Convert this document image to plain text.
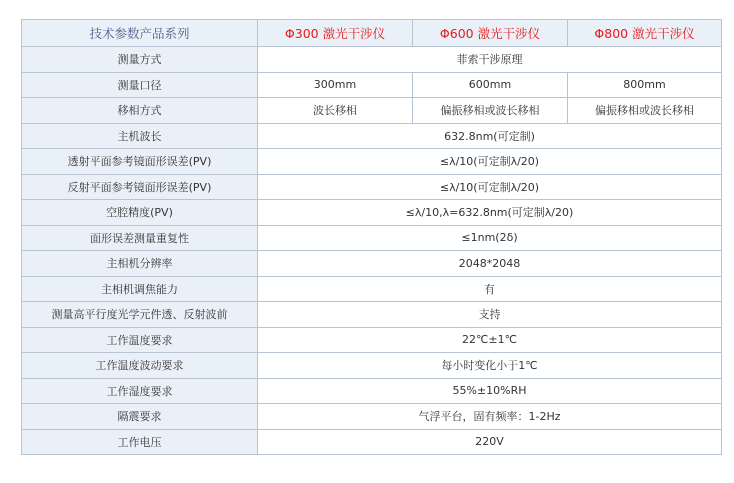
技术参数产品系列	Φ300 激光干涉仪	Φ600 激光干涉仪	Φ800 激光干涉仪
测量方式	菲索干涉原理		
测量口径	300mm	600mm	800mm
移相方式	波长移相	偏振移相或波长移相	偏振移相或波长移相
主机波长	632.8nm(可定制)		
透射平面参考镜面形误差(PV)	≤λ/10(可定制λ/20)		
反射平面参考镜面形误差(PV)	≤λ/10(可定制λ/20)		
空腔精度(PV)	≤λ/10,λ=632.8nm(可定制λ/20)		
面形误差测量重复性	≤1nm(2δ)		
主相机分辨率	2048*2048		
主相机调焦能力	有		
测量高平行度光学元件透、反射波前	支持		
工作温度要求	22℃±1℃		
工作温度波动要求	每小时变化小于1℃		
工作湿度要求	55%±10%RH		
隔震要求	气浮平台，固有频率：1-2Hz		
工作电压	220V		
